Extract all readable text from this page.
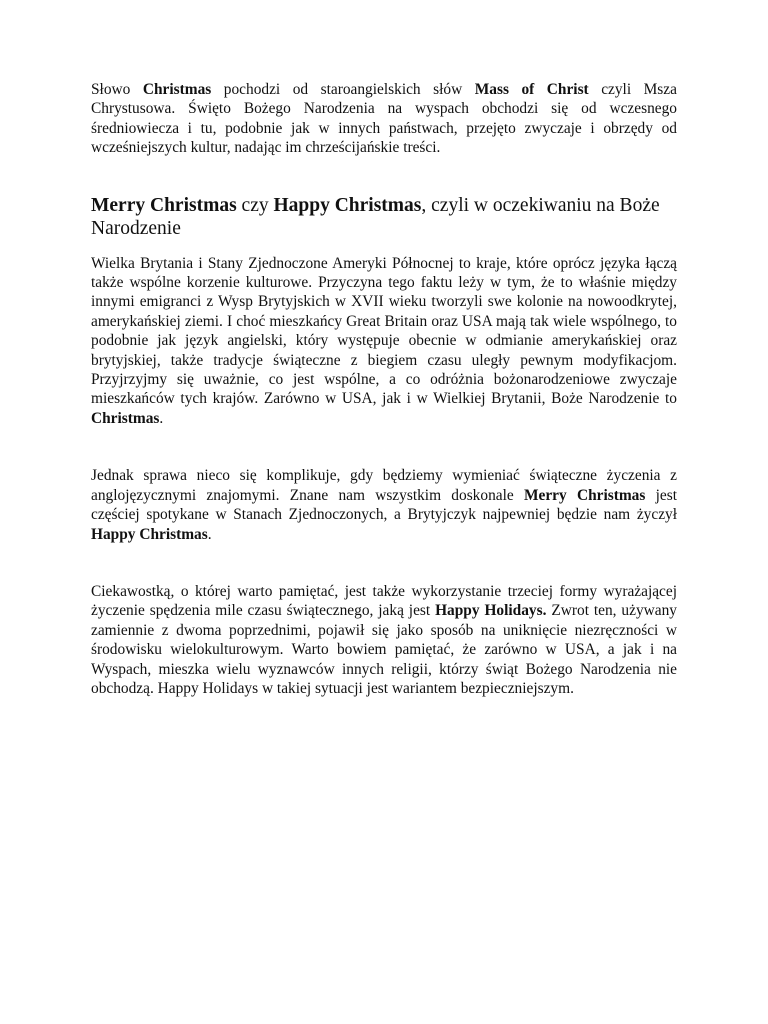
Słowo Christmas pochodzi od staroangielskich słów Mass of Christ czyli Msza Chrystusowa. Święto Bożego Narodzenia na wyspach obchodzi się od wczesnego średniowiecza i tu, podobnie jak w innych państwach, przejęto zwyczaje i obrzędy od wcześniejszych kultur, nadając im chrześcijańskie treści.

Merry Christmas czy Happy Christmas, czyli w oczekiwaniu na Boże Narodzenie

Wielka Brytania i Stany Zjednoczone Ameryki Północnej to kraje, które oprócz języka łączą także wspólne korzenie kulturowe. Przyczyna tego faktu leży w tym, że to właśnie między innymi emigranci z Wysp Brytyjskich w XVII wieku tworzyli swe kolonie na nowoodkrytej, amerykańskiej ziemi. I choć mieszkańcy Great Britain oraz USA mają tak wiele wspólnego, to podobnie jak język angielski, który występuje obecnie w odmianie amerykańskiej oraz brytyjskiej, także tradycje świąteczne z biegiem czasu uległy pewnym modyfikacjom. Przyjrzyjmy się uważnie, co jest wspólne, a co odróżnia bożonarodzeniowe zwyczaje mieszkańców tych krajów. Zarówno w USA, jak i w Wielkiej Brytanii, Boże Narodzenie to Christmas.

Jednak sprawa nieco się komplikuje, gdy będziemy wymieniać świąteczne życzenia z anglojęzycznymi znajomymi. Znane nam wszystkim doskonale Merry Christmas jest częściej spotykane w Stanach Zjednoczonych, a Brytyjczyk najpewniej będzie nam życzył Happy Christmas.

Ciekawostką, o której warto pamiętać, jest także wykorzystanie trzeciej formy wyrażającej życzenie spędzenia mile czasu świątecznego, jaką jest Happy Holidays. Zwrot ten, używany zamiennie z dwoma poprzednimi, pojawił się jako sposób na uniknięcie niezręczności w środowisku wielokulturowym. Warto bowiem pamiętać, że zarówno w USA, a jak i na Wyspach, mieszka wielu wyznawców innych religii, którzy świąt Bożego Narodzenia nie obchodzą. Happy Holidays w takiej sytuacji jest wariantem bezpieczniejszym.
